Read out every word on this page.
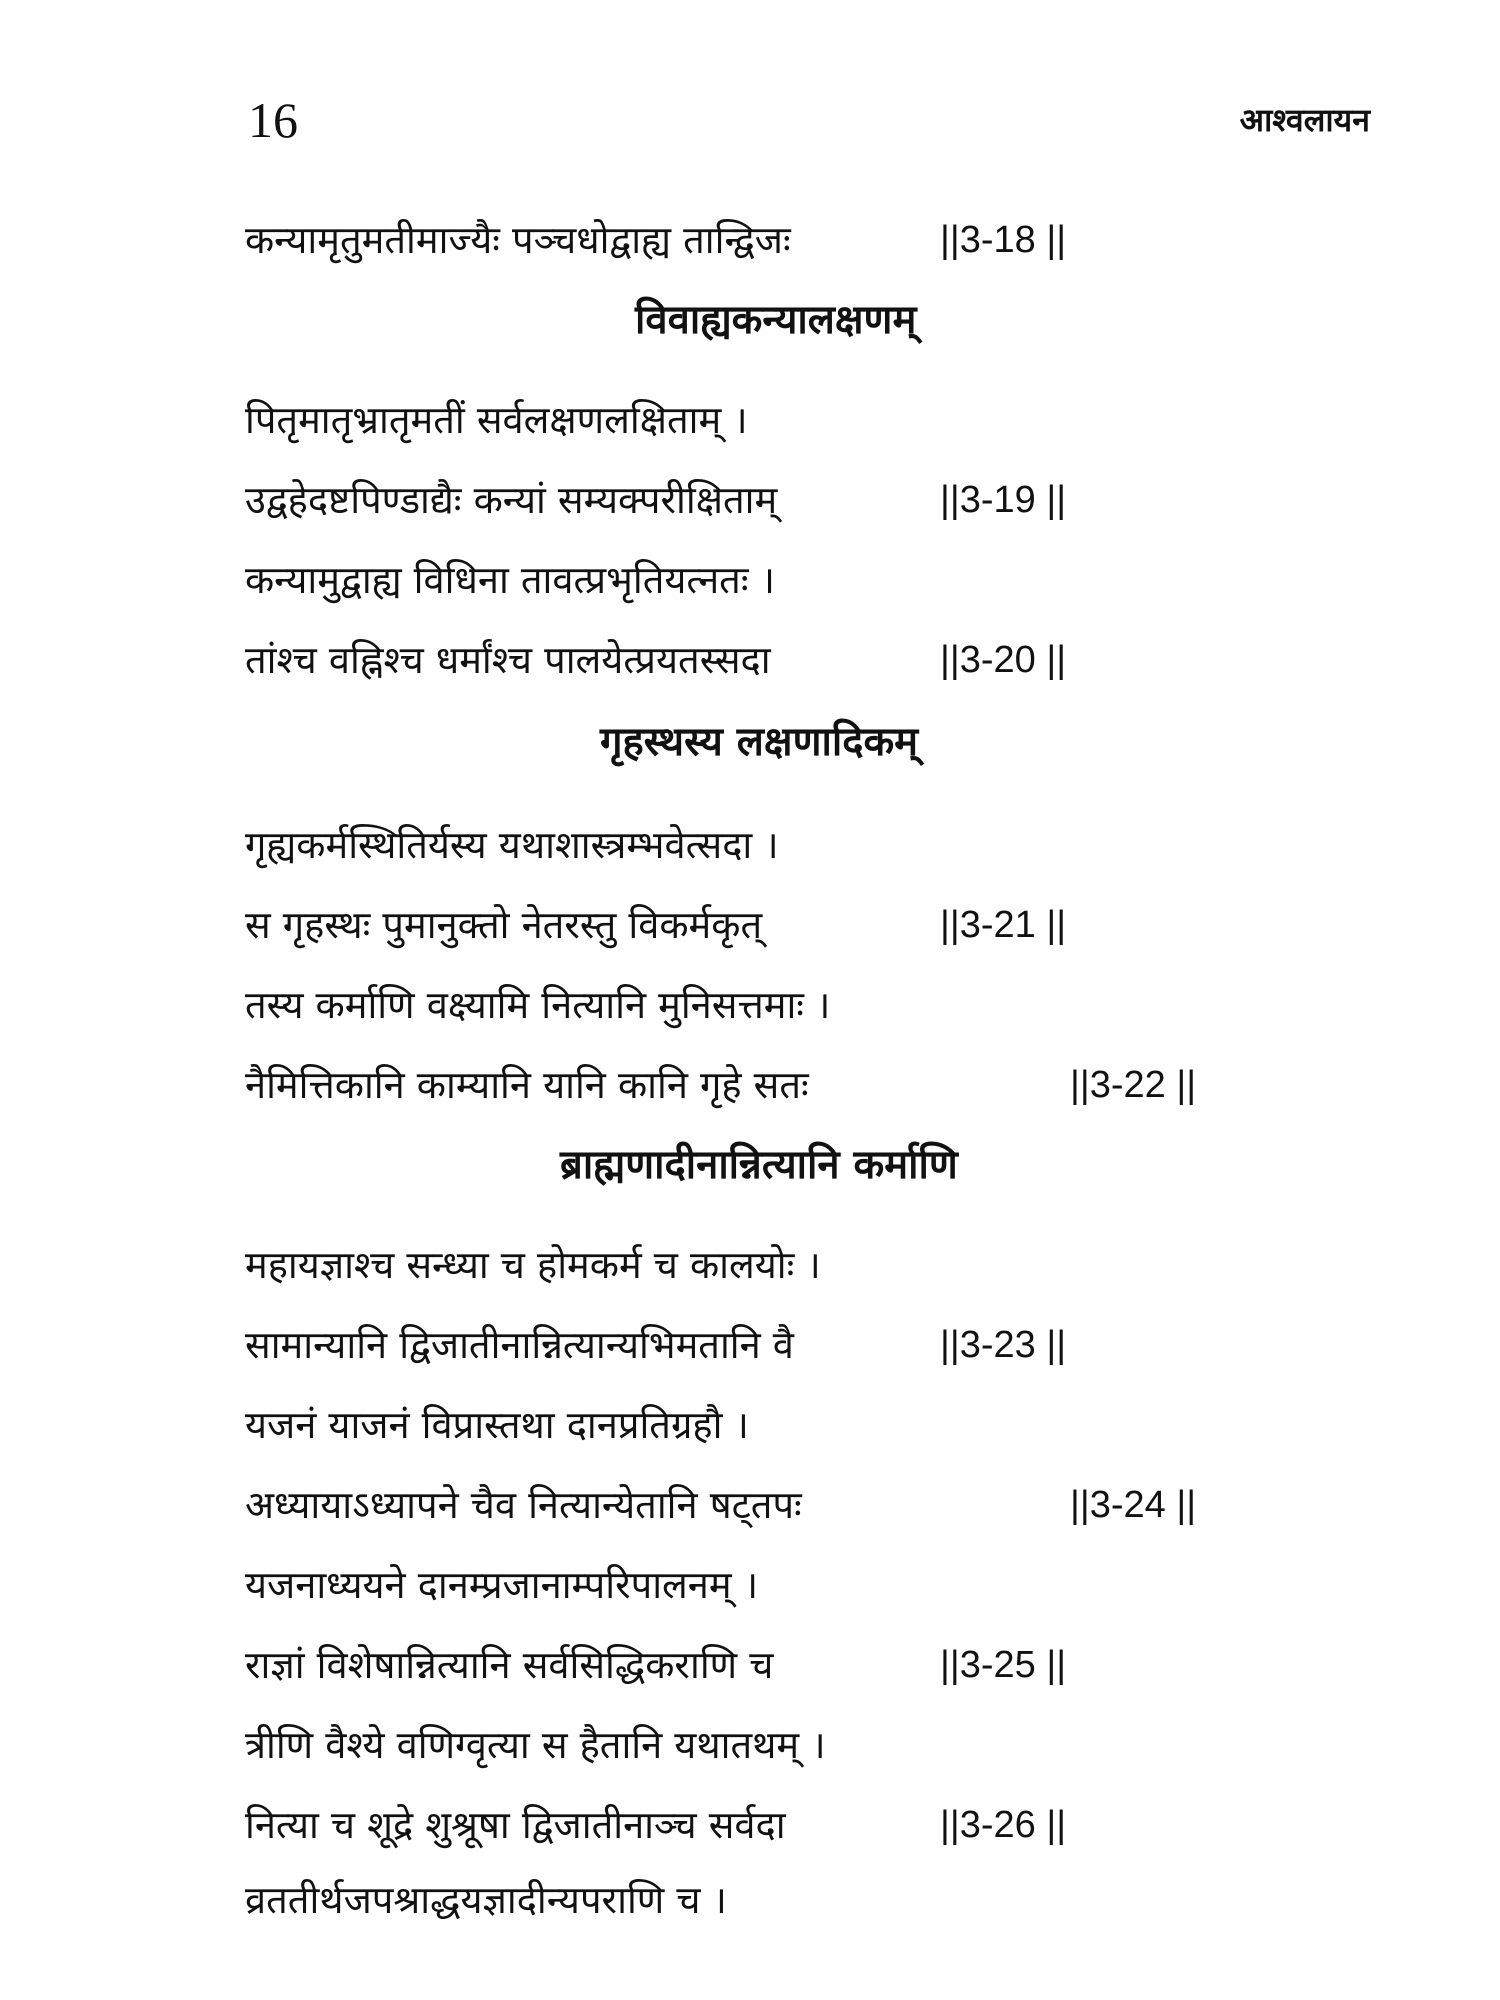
16	आश्वलायन
कन्यामृतुमतीमाज्यैः पञ्चधोद्वाह्य तान्द्विजः	||3-18 ||
विवाह्यकन्यालक्षणम्
पितृमातृभ्रातृमतीं सर्वलक्षणलक्षिताम् ।
उद्वहेदष्टपिण्डाद्यैः कन्यां सम्यक्परीक्षिताम्	||3-19 ||
कन्यामुद्वाह्य विधिना तावत्प्रभृतियत्नतः ।
तांश्च वह्निश्च धर्मांश्च पालयेत्प्रयतस्सदा	||3-20 ||
गृहस्थस्य लक्षणादिकम्
गृह्यकर्मस्थितिर्यस्य यथाशास्त्रम्भवेत्सदा ।
स गृहस्थः पुमानुक्तो नेतरस्तु विकर्मकृत्	||3-21 ||
तस्य कर्माणि वक्ष्यामि नित्यानि मुनिसत्तमाः ।
नैमित्तिकानि काम्यानि यानि कानि गृहे सतः	||3-22 ||
ब्राह्मणादीनान्नित्यानि कर्माणि
महायज्ञाश्च सन्ध्या च होमकर्म च कालयोः ।
सामान्यानि द्विजातीनान्नित्यान्यभिमतानि वै	||3-23 ||
यजनं याजनं विप्रास्तथा दानप्रतिग्रहौ ।
अध्यायाऽध्यापने चैव नित्यान्येतानि षट्तपः	||3-24 ||
यजनाध्ययने दानम्प्रजानाम्परिपालनम् ।
राज्ञां विशेषान्नित्यानि सर्वसिद्धिकराणि च	||3-25 ||
त्रीणि वैश्ये वणिग्वृत्या स हैतानि यथातथम् ।
नित्या च शूद्रे शुश्रूषा द्विजातीनाञ्च सर्वदा	||3-26 ||
व्रततीर्थजपश्राद्धयज्ञादीन्यपराणि च ।
